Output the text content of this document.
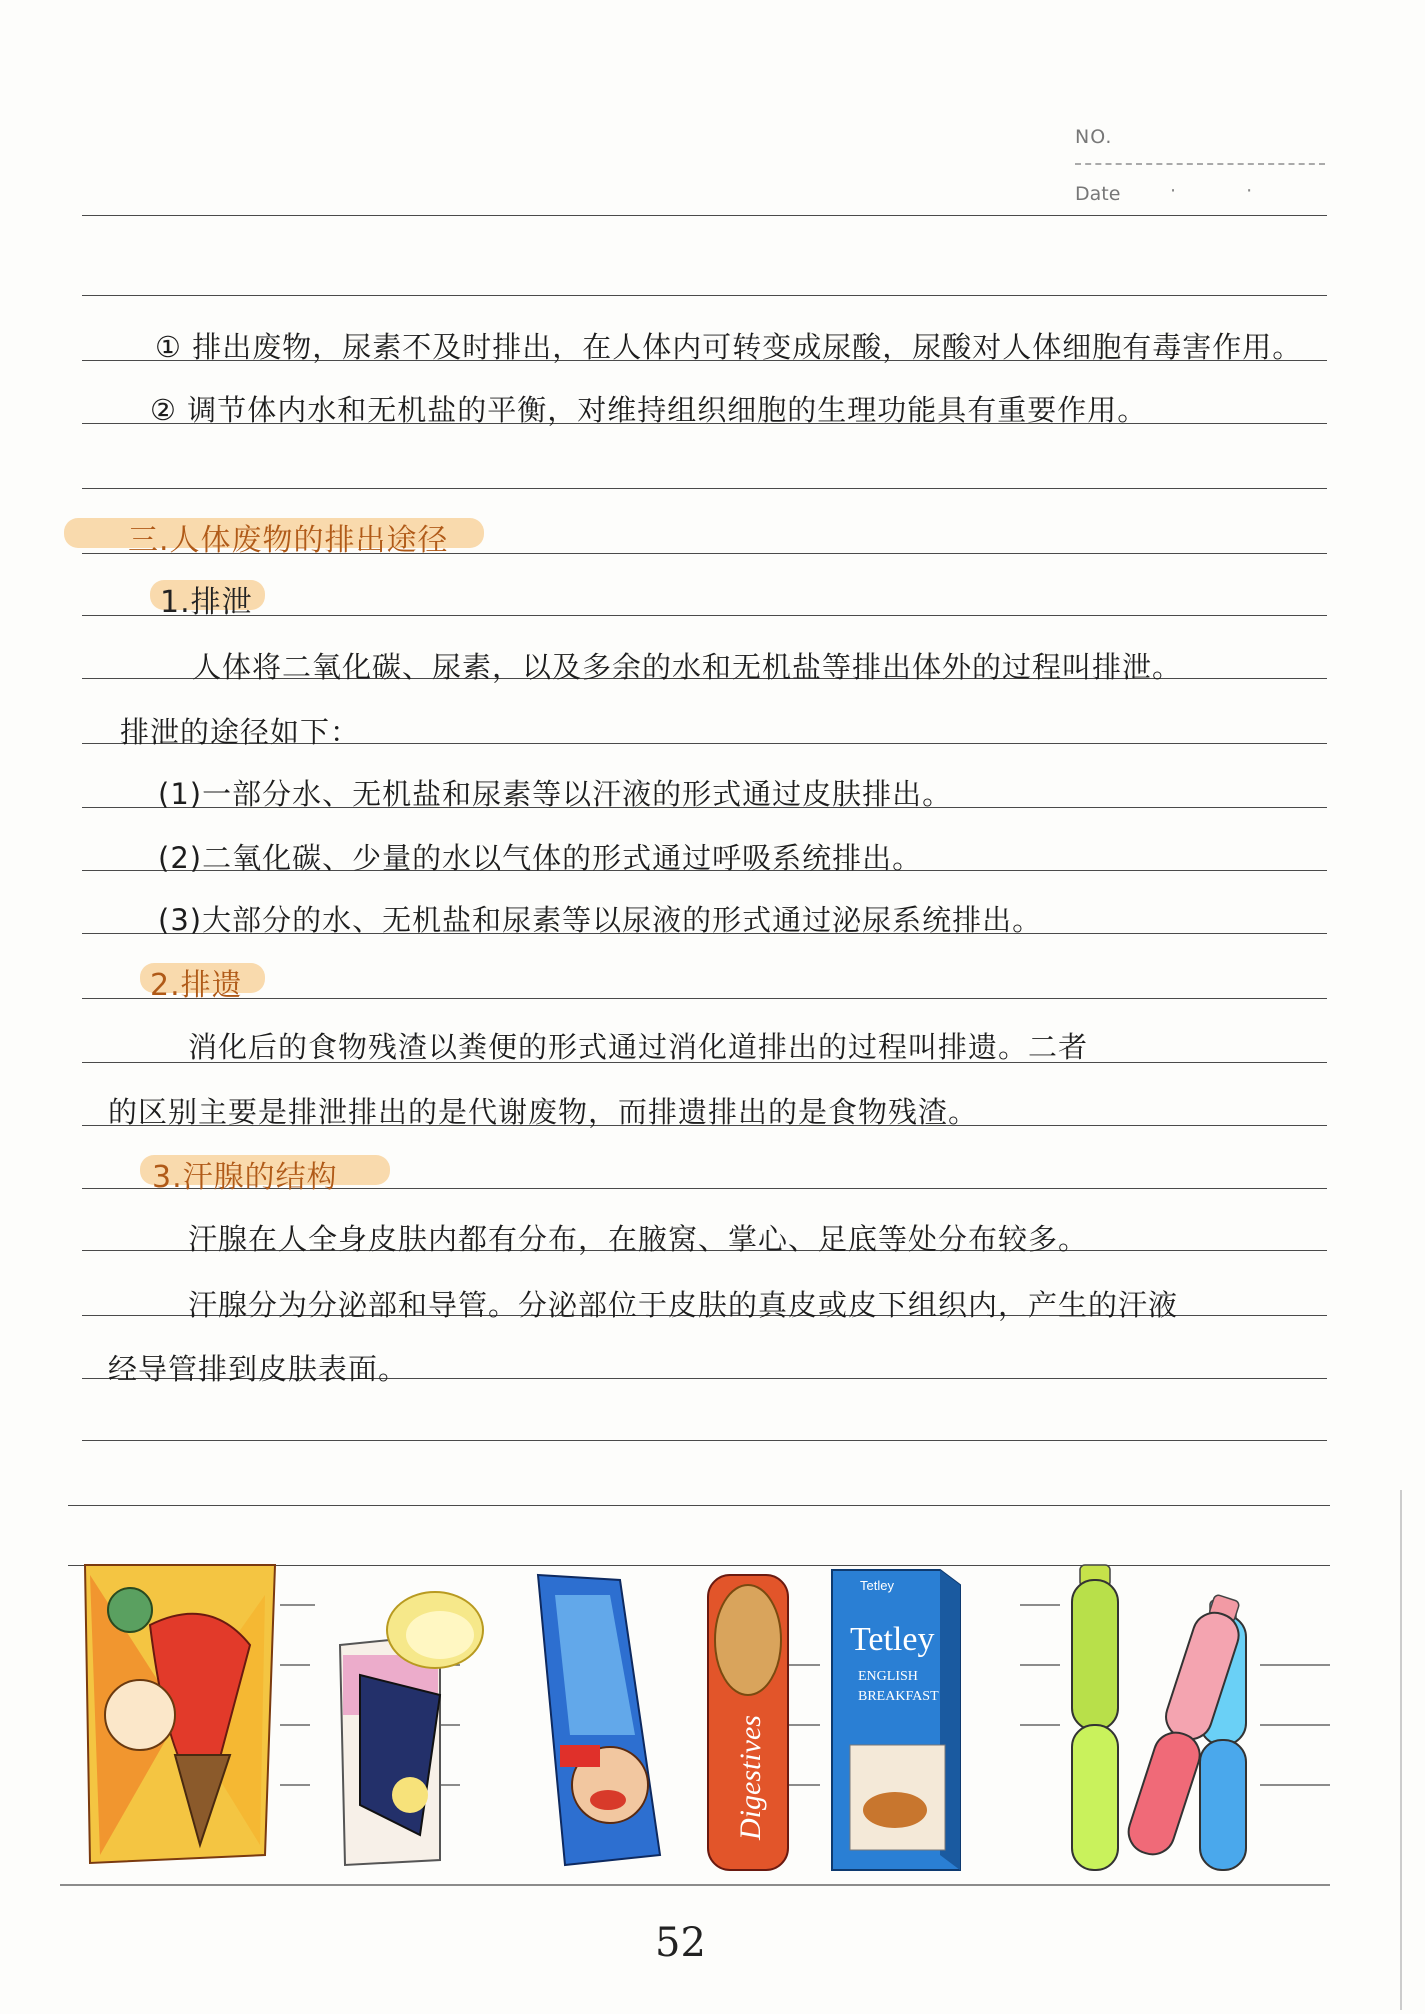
NO.
Date	· ·
① 排出废物，尿素不及时排出，在人体内可转变成尿酸，尿酸对人体细胞有毒害作用。
② 调节体内水和无机盐的平衡，对维持组织细胞的生理功能具有重要作用。
三.人体废物的排出途径
1.排泄
人体将二氧化碳、尿素，以及多余的水和无机盐等排出体外的过程叫排泄。
排泄的途径如下：
(1)一部分水、无机盐和尿素等以汗液的形式通过皮肤排出。
(2)二氧化碳、少量的水以气体的形式通过呼吸系统排出。
(3)大部分的水、无机盐和尿素等以尿液的形式通过泌尿系统排出。
2.排遗
消化后的食物残渣以粪便的形式通过消化道排出的过程叫排遗。二者
的区别主要是排泄排出的是代谢废物，而排遗排出的是食物残渣。
3.汗腺的结构
汗腺在人全身皮肤内都有分布，在腋窝、掌心、足底等处分布较多。
汗腺分为分泌部和导管。分泌部位于皮肤的真皮或皮下组织内，产生的汗液
经导管排到皮肤表面。
Digestives
Tetley
Tetley
ENGLISH
BREAKFAST
52
